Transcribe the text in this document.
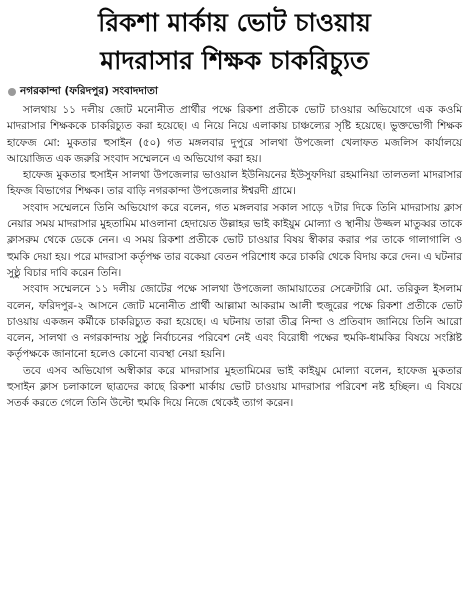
রিকশা মার্কায় ভোট চাওয়ায়
মাদরাসার শিক্ষক চাকরিচ্যুত
নগরকান্দা (ফরিদপুর) সংবাদদাতা

সালথায় ১১ দলীয় জোট মনোনীত প্রার্থীর পক্ষে রিকশা প্রতীকে ভোট চাওয়ার অভিযোগে এক কওমি মাদরাসার শিক্ষককে চাকরিচ্যুত করা হয়েছে। এ নিয়ে নিয়ে এলাকায় চাঞ্চল্যের সৃষ্টি হয়েছে। ভুক্তভোগী শিক্ষক হাফেজ মো: মুকতার হুসাইন (৫০) গত মঙ্গলবার দুপুরে সালথা উপজেলা খেলাফত মজলিস কার্যালয়ে আয়োজিত এক জরুরি সংবাদ সম্মেলনে এ অভিযোগ করা হয়।

হাফেজ মুকতার হুসাইন সালথা উপজেলার ভাওয়াল ইউনিয়নের ইউসুফদিয়া রহমানিয়া তালতলা মাদরাসার হিফজ বিভাগের শিক্ষক। তার বাড়ি নগরকান্দা উপজেলার ঈশ্বরদী গ্রামে।

সংবাদ সম্মেলনে তিনি অভিযোগ করে বলেন, গত মঙ্গলবার সকাল সাড়ে ৭টার দিকে তিনি মাদরাসায় ক্লাস নেয়ার সময় মাদরাসার মুহতামিম মাওলানা হেদায়েত উল্লাহর ভাই কাইয়ুম মোল্যা ও স্থানীয় উজ্জল মাতুব্বর তাকে ক্লাসরুম থেকে ডেকে নেন। এ সময় রিকশা প্রতীকে ভোট চাওয়ার বিষয় স্বীকার করার পর তাকে গালাগালি ও হুমকি দেয়া হয়। পরে মাদরাসা কর্তৃপক্ষ তার বকেয়া বেতন পরিশোধ করে চাকরি থেকে বিদায় করে দেন। এ ঘটনার সুষ্ঠু বিচার দাবি করেন তিনি।

সংবাদ সম্মেলনে ১১ দলীয় জোটের পক্ষে সালথা উপজেলা জামায়াতের সেক্রেটারি মো. তরিকুল ইসলাম বলেন, ফরিদপুর-২ আসনে জোট মনোনীত প্রার্থী আল্লামা আকরাম আলী হুজুরের পক্ষে রিকশা প্রতীকে ভোট চাওয়ায় একজন কর্মীকে চাকরিচ্যুত করা হয়েছে। এ ঘটনায় তারা তীব্র নিন্দা ও প্রতিবাদ জানিয়ে তিনি আরো বলেন, সালথা ও নগরকান্দায় সুষ্ঠু নির্বাচনের পরিবেশ নেই এবং বিরোধী পক্ষের হুমকি-ধামকির বিষয়ে সংশ্লিষ্ট কর্তৃপক্ষকে জানানো হলেও কোনো ব্যবস্থা নেয়া হয়নি।

তবে এসব অভিযোগ অস্বীকার করে মাদরাসার মুহতামিমের ভাই কাইয়ুম মোল্যা বলেন, হাফেজ মুকতার হুসাইন ক্লাস চলাকালে ছাত্রদের কাছে রিকশা মার্কায় ভোট চাওয়ায় মাদরাসার পরিবেশ নষ্ট হচ্ছিল। এ বিষয়ে সতর্ক করতে গেলে তিনি উল্টো হুমকি দিয়ে নিজে থেকেই ত্যাগ করেন।
